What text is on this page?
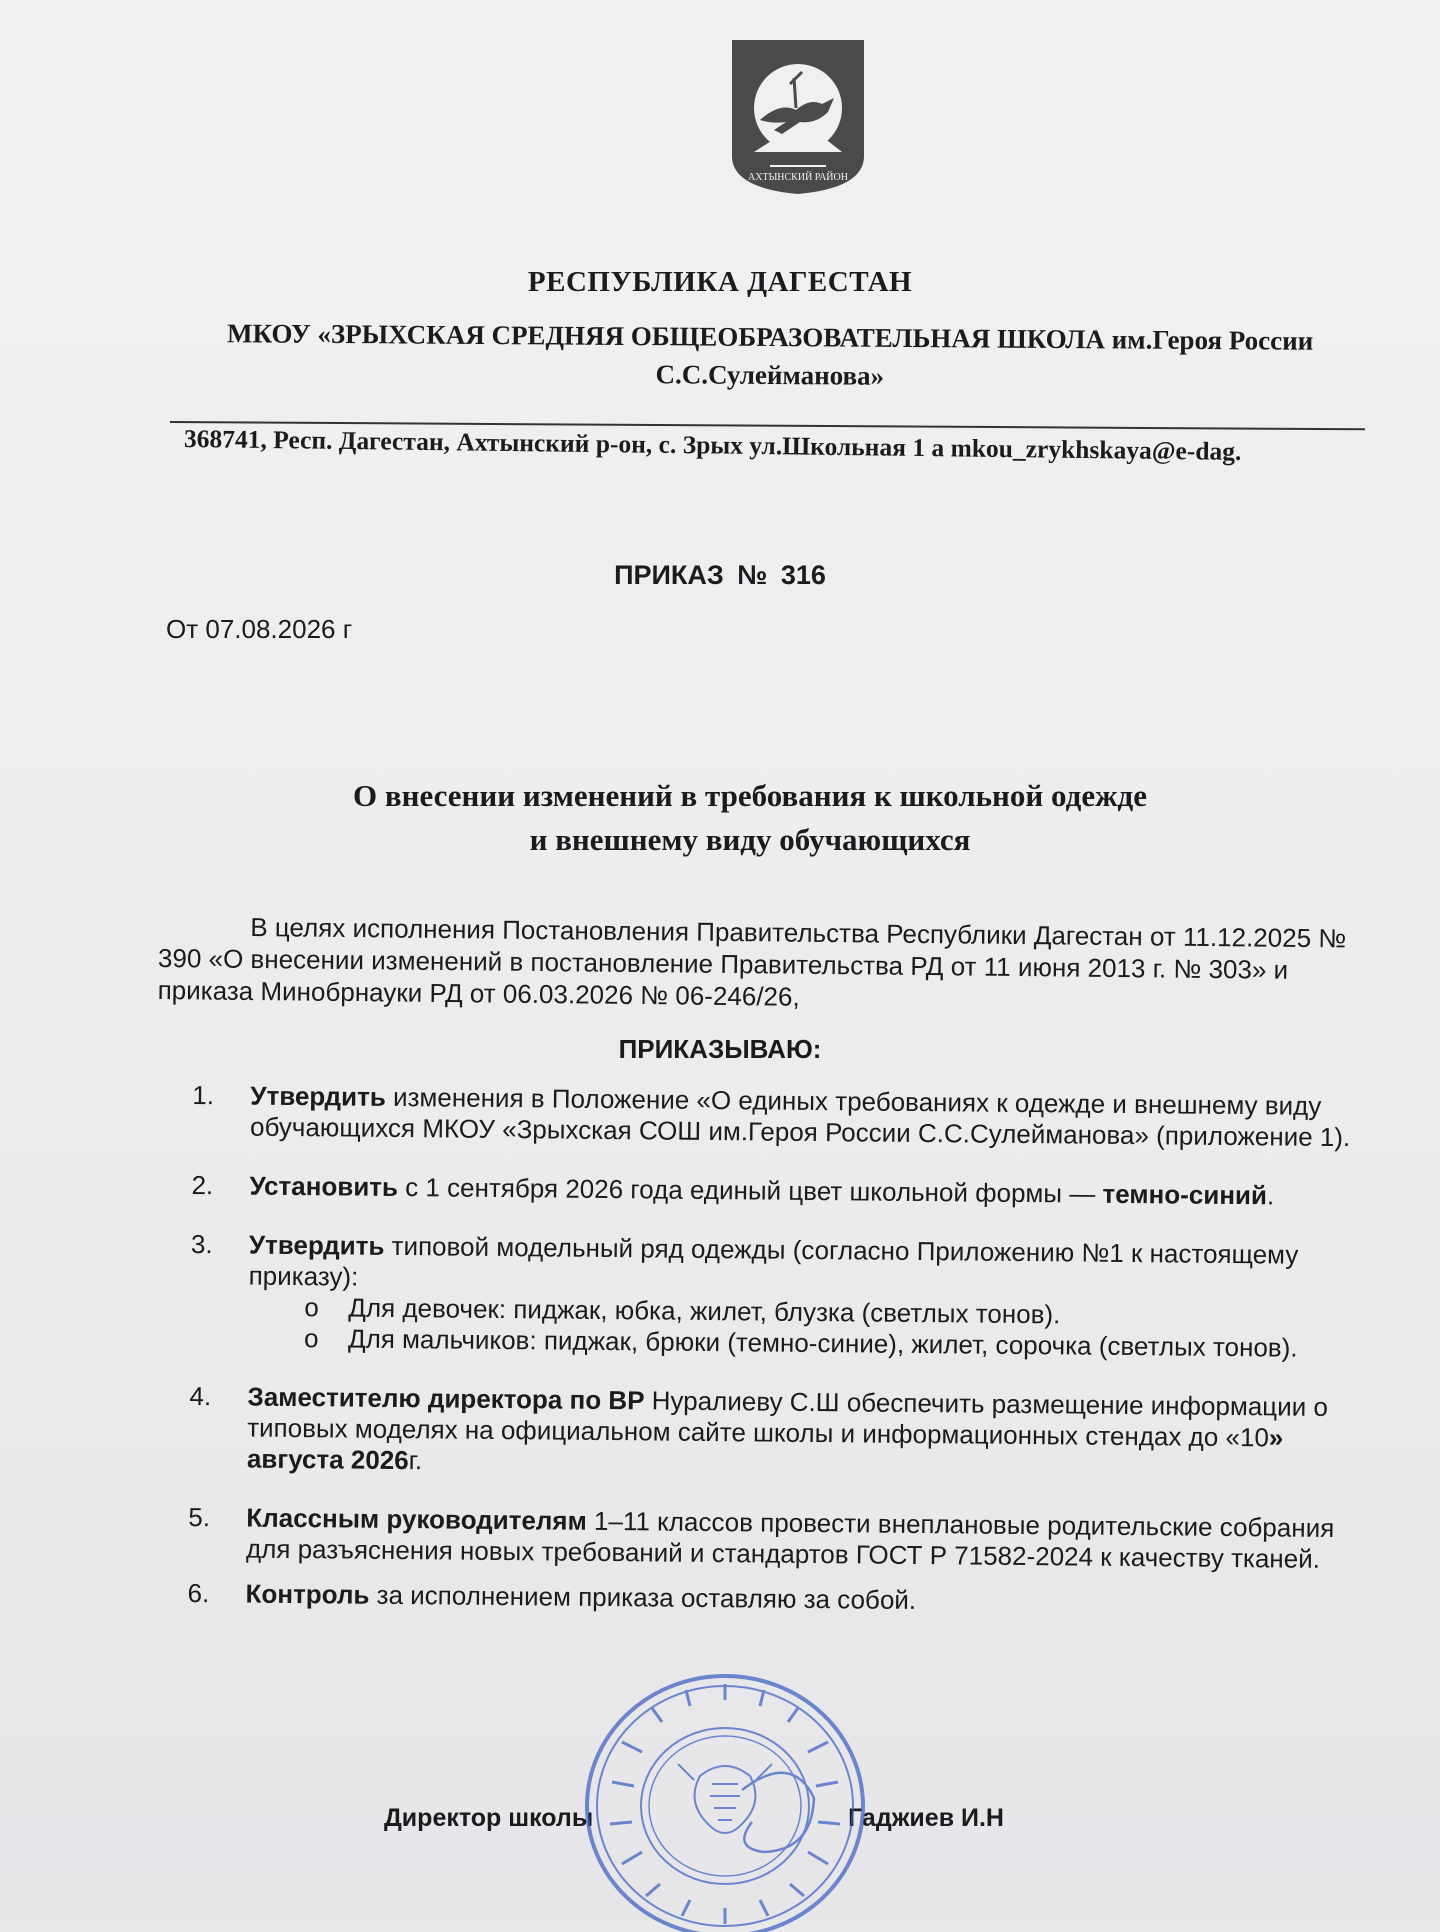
АХТЫНСКИЙ РАЙОН
РЕСПУБЛИКА ДАГЕСТАН
МКОУ «ЗРЫХСКАЯ СРЕДНЯЯ ОБЩЕОБРАЗОВАТЕЛЬНАЯ ШКОЛА им.Героя России
С.С.Сулейманова»
368741, Респ. Дагестан, Ахтынский р-он, с. Зрых ул.Школьная 1 а mkou_zrykhskaya@e-dag.
ПРИКАЗ № 316
От 07.08.2026 г
О внесении изменений в требования к школьной одежде
и внешнему виду обучающихся
В целях исполнения Постановления Правительства Республики Дагестан от 11.12.2025 № 390 «О внесении изменений в постановление Правительства РД от 11 июня 2013 г. № 303» и приказа Минобрнауки РД от 06.03.2026 № 06-246/26,
ПРИКАЗЫВАЮ:
1. Утвердить изменения в Положение «О единых требованиях к одежде и внешнему виду обучающихся МКОУ «Зрыхская СОШ им.Героя России С.С.Сулейманова» (приложение 1).
2. Установить с 1 сентября 2026 года единый цвет школьной формы — темно-синий.
3. Утвердить типовой модельный ряд одежды (согласно Приложению №1 к настоящему приказу):
o Для девочек: пиджак, юбка, жилет, блузка (светлых тонов).
o Для мальчиков: пиджак, брюки (темно-синие), жилет, сорочка (светлых тонов).
4. Заместителю директора по ВР Нуралиеву С.Ш обеспечить размещение информации о типовых моделях на официальном сайте школы и информационных стендах до «10» августа 2026г.
5. Классным руководителям 1–11 классов провести внеплановые родительские собрания для разъяснения новых требований и стандартов ГОСТ Р 71582-2024 к качеству тканей.
6. Контроль за исполнением приказа оставляю за собой.
Директор школы	Гаджиев И.Н
